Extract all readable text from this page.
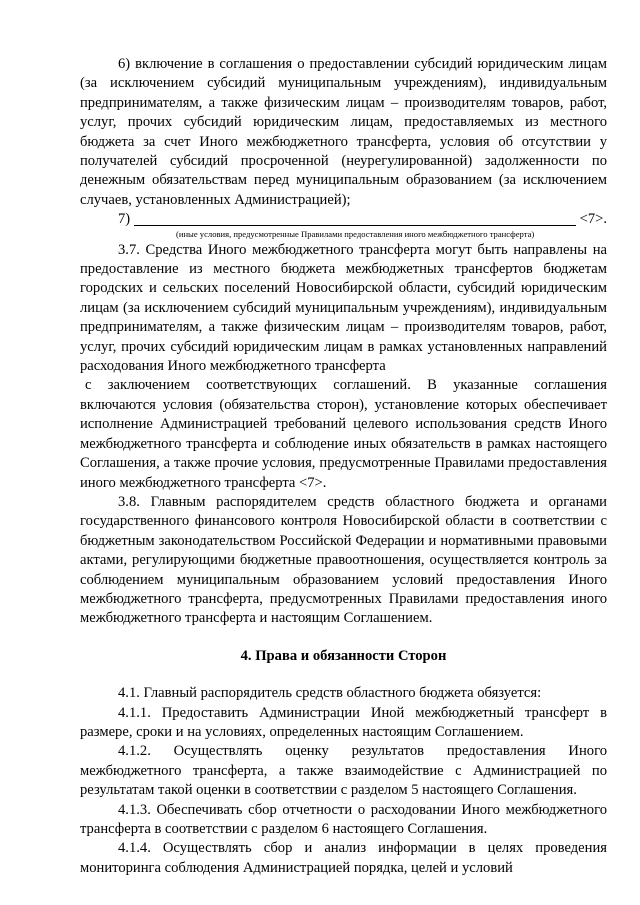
6) включение в соглашения о предоставлении субсидий юридическим лицам (за исключением субсидий муниципальным учреждениям), индивидуальным предпринимателям, а также физическим лицам – производителям товаров, работ, услуг, прочих субсидий юридическим лицам, предоставляемых из местного бюджета за счет Иного межбюджетного трансферта, условия об отсутствии у получателей субсидий просроченной (неурегулированной) задолженности по денежным обязательствам перед муниципальным образованием (за исключением случаев, установленных Администрацией);

7)	<7>.
(иные условия, предусмотренные Правилами предоставления иного межбюджетного трансферта)

3.7. Средства Иного межбюджетного трансферта могут быть направлены на предоставление из местного бюджета межбюджетных трансфертов бюджетам городских и сельских поселений Новосибирской области, субсидий юридическим лицам (за исключением субсидий муниципальным учреждениям), индивидуальным предпринимателям, а также физическим лицам – производителям товаров, работ, услуг, прочих субсидий юридическим лицам в рамках установленных направлений расходования Иного межбюджетного трансферта

с заключением соответствующих соглашений. В указанные соглашения включаются условия (обязательства сторон), установление которых обеспечивает исполнение Администрацией требований целевого использования средств Иного межбюджетного трансферта и соблюдение иных обязательств в рамках настоящего Соглашения, а также прочие условия, предусмотренные Правилами предоставления иного межбюджетного трансферта <7>.

3.8. Главным распорядителем средств областного бюджета и органами государственного финансового контроля Новосибирской области в соответствии с бюджетным законодательством Российской Федерации и нормативными правовыми актами, регулирующими бюджетные правоотношения, осуществляется контроль за соблюдением муниципальным образованием условий предоставления Иного межбюджетного трансферта, предусмотренных Правилами предоставления иного межбюджетного трансферта и настоящим Соглашением.

4. Права и обязанности Сторон

4.1. Главный распорядитель средств областного бюджета обязуется:

4.1.1. Предоставить Администрации Иной межбюджетный трансферт в размере, сроки и на условиях, определенных настоящим Соглашением.

4.1.2. Осуществлять оценку результатов предоставления Иного межбюджетного трансферта, а также взаимодействие с Администрацией по результатам такой оценки в соответствии с разделом 5 настоящего Соглашения.

4.1.3. Обеспечивать сбор отчетности о расходовании Иного межбюджетного трансферта в соответствии с разделом 6 настоящего Соглашения.

4.1.4. Осуществлять сбор и анализ информации в целях проведения мониторинга соблюдения Администрацией порядка, целей и условий
